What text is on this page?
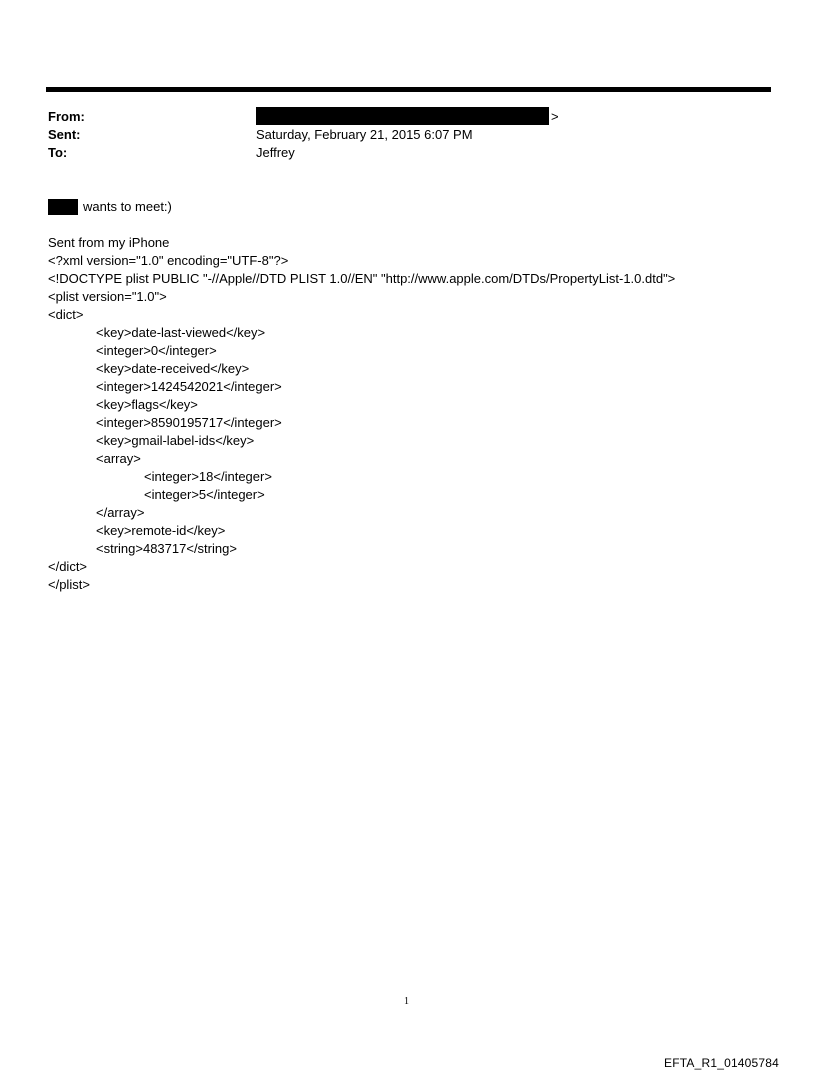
From:	>
Sent:	Saturday, February 21, 2015 6:07 PM
To:	Jeffrey
wants to meet:)
Sent from my iPhone
<?xml version="1.0" encoding="UTF-8"?>
<!DOCTYPE plist PUBLIC "-//Apple//DTD PLIST 1.0//EN" "http://www.apple.com/DTDs/PropertyList-1.0.dtd">
<plist version="1.0">
<dict>
<key>date-last-viewed</key>
<integer>0</integer>
<key>date-received</key>
<integer>1424542021</integer>
<key>flags</key>
<integer>8590195717</integer>
<key>gmail-label-ids</key>
<array>
<integer>18</integer>
<integer>5</integer>
</array>
<key>remote-id</key>
<string>483717</string>
</dict>
</plist>
1
EFTA_R1_01405784
